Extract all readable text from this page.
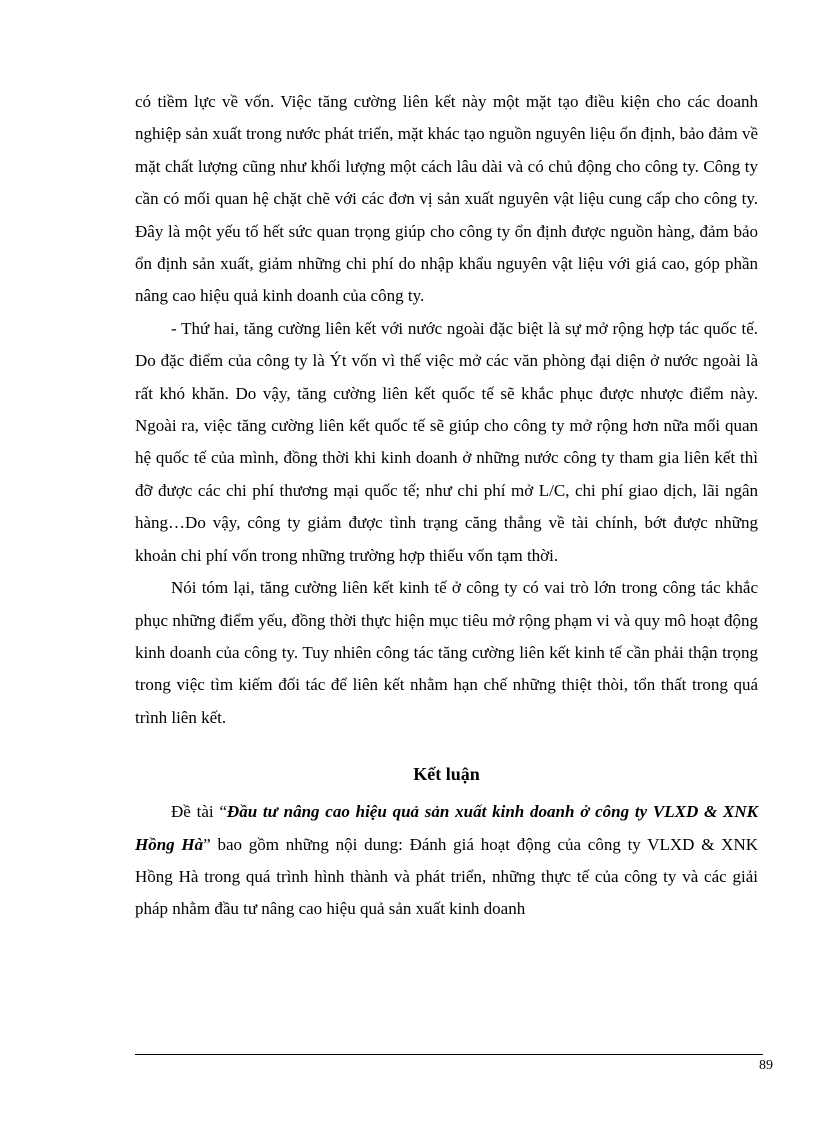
có tiềm lực về vốn. Việc tăng cường liên kết này một mặt tạo điều kiện cho các doanh nghiệp sản xuất trong nước phát triển, mặt khác tạo nguồn nguyên liệu ổn định, bảo đảm về mặt chất lượng cũng như khối lượng một cách lâu dài và có chủ động cho công ty. Công ty cần có mối quan hệ chặt chẽ với các đơn vị sản xuất nguyên vật liệu cung cấp cho công ty. Đây là một yếu tố hết sức quan trọng giúp cho công ty ổn định được nguồn hàng, đảm bảo ổn định sản xuất, giảm những chi phí do nhập khẩu nguyên vật liệu với giá cao, góp phần nâng cao hiệu quả kinh doanh của công ty.

- Thứ hai, tăng cường liên kết với nước ngoài đặc biệt là sự mở rộng hợp tác quốc tế. Do đặc điểm của công ty là Ýt vốn vì thế việc mở các văn phòng đại diện ở nước ngoài là rất khó khăn. Do vậy, tăng cường liên kết quốc tế sẽ khắc phục được nhược điểm này. Ngoài ra, việc tăng cường liên kết quốc tế sẽ giúp cho công ty mở rộng hơn nữa mối quan hệ quốc tế của mình, đồng thời khi kinh doanh ở những nước công ty tham gia liên kết thì đỡ được các chi phí thương mại quốc tế; như chi phí mở L/C, chi phí giao dịch, lãi ngân hàng…Do vậy, công ty giảm được tình trạng căng thẳng về tài chính, bớt được những khoản chi phí vốn trong những trường hợp thiếu vốn tạm thời.

Nói tóm lại, tăng cường liên kết kinh tế ở công ty có vai trò lớn trong công tác khắc phục những điểm yếu, đồng thời thực hiện mục tiêu mở rộng phạm vi và quy mô hoạt động kinh doanh của công ty. Tuy nhiên công tác tăng cường liên kết kinh tế cần phải thận trọng trong việc tìm kiếm đối tác để liên kết nhằm hạn chế những thiệt thòi, tổn thất trong quá trình liên kết.

Kết luận

Đề tài “Đầu tư nâng cao hiệu quả sản xuất kinh doanh ở công ty VLXD & XNK Hồng Hà” bao gồm những nội dung: Đánh giá hoạt động của công ty VLXD & XNK Hồng Hà trong quá trình hình thành và phát triển, những thực tế của công ty và các giải pháp nhằm đầu tư nâng cao hiệu quả sản xuất kinh doanh

89
